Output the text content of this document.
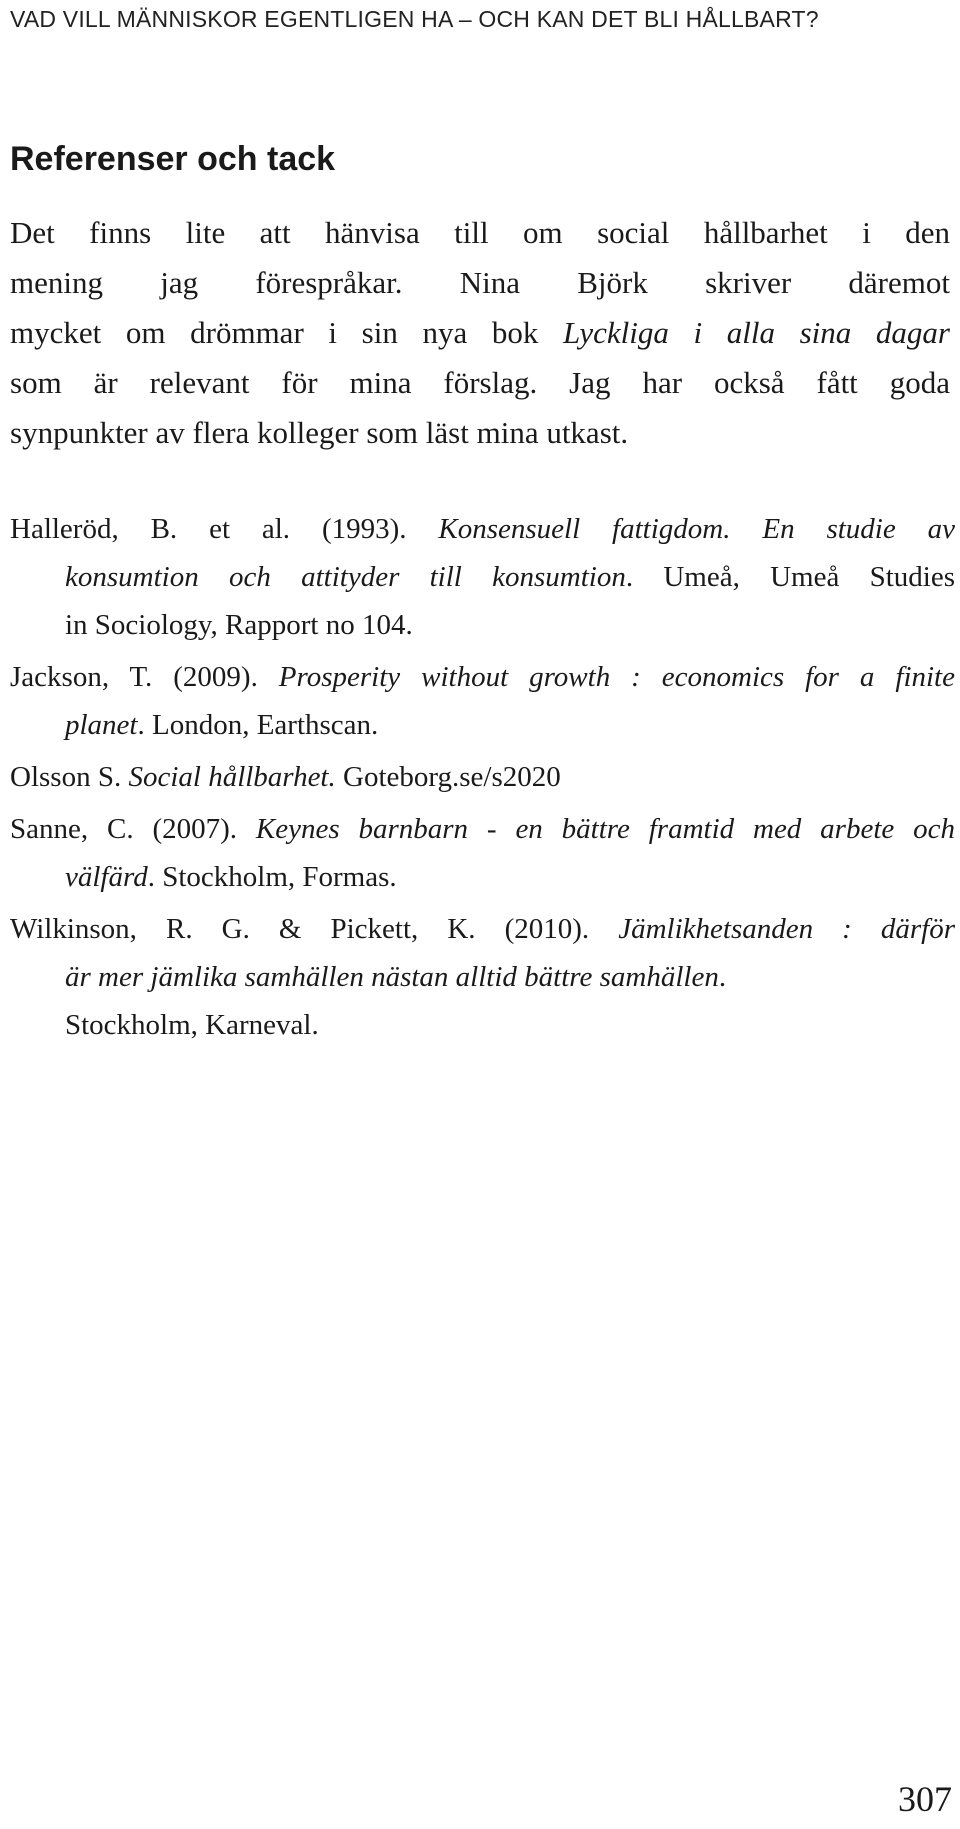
VAD VILL MÄNNISKOR EGENTLIGEN HA – OCH KAN DET BLI HÅLLBART?
Referenser och tack

Det finns lite att hänvisa till om social hållbarhet i den
mening jag förespråkar. Nina Björk skriver däremot
mycket om drömmar i sin nya bok Lyckliga i alla sina dagar
som är relevant för mina förslag. Jag har också fått goda
synpunkter av flera kolleger som läst mina utkast.

Halleröd, B. et al. (1993). Konsensuell fattigdom. En studie av
konsumtion och attityder till konsumtion. Umeå, Umeå Studies
in Sociology, Rapport no 104.
Jackson, T. (2009). Prosperity without growth : economics for a finite
planet. London, Earthscan.
Olsson S. Social hållbarhet. Goteborg.se/s2020
Sanne, C. (2007). Keynes barnbarn - en bättre framtid med arbete och
välfärd. Stockholm, Formas.
Wilkinson, R. G. & Pickett, K. (2010). Jämlikhetsanden : därför
är mer jämlika samhällen nästan alltid bättre samhällen.
Stockholm, Karneval.
307
